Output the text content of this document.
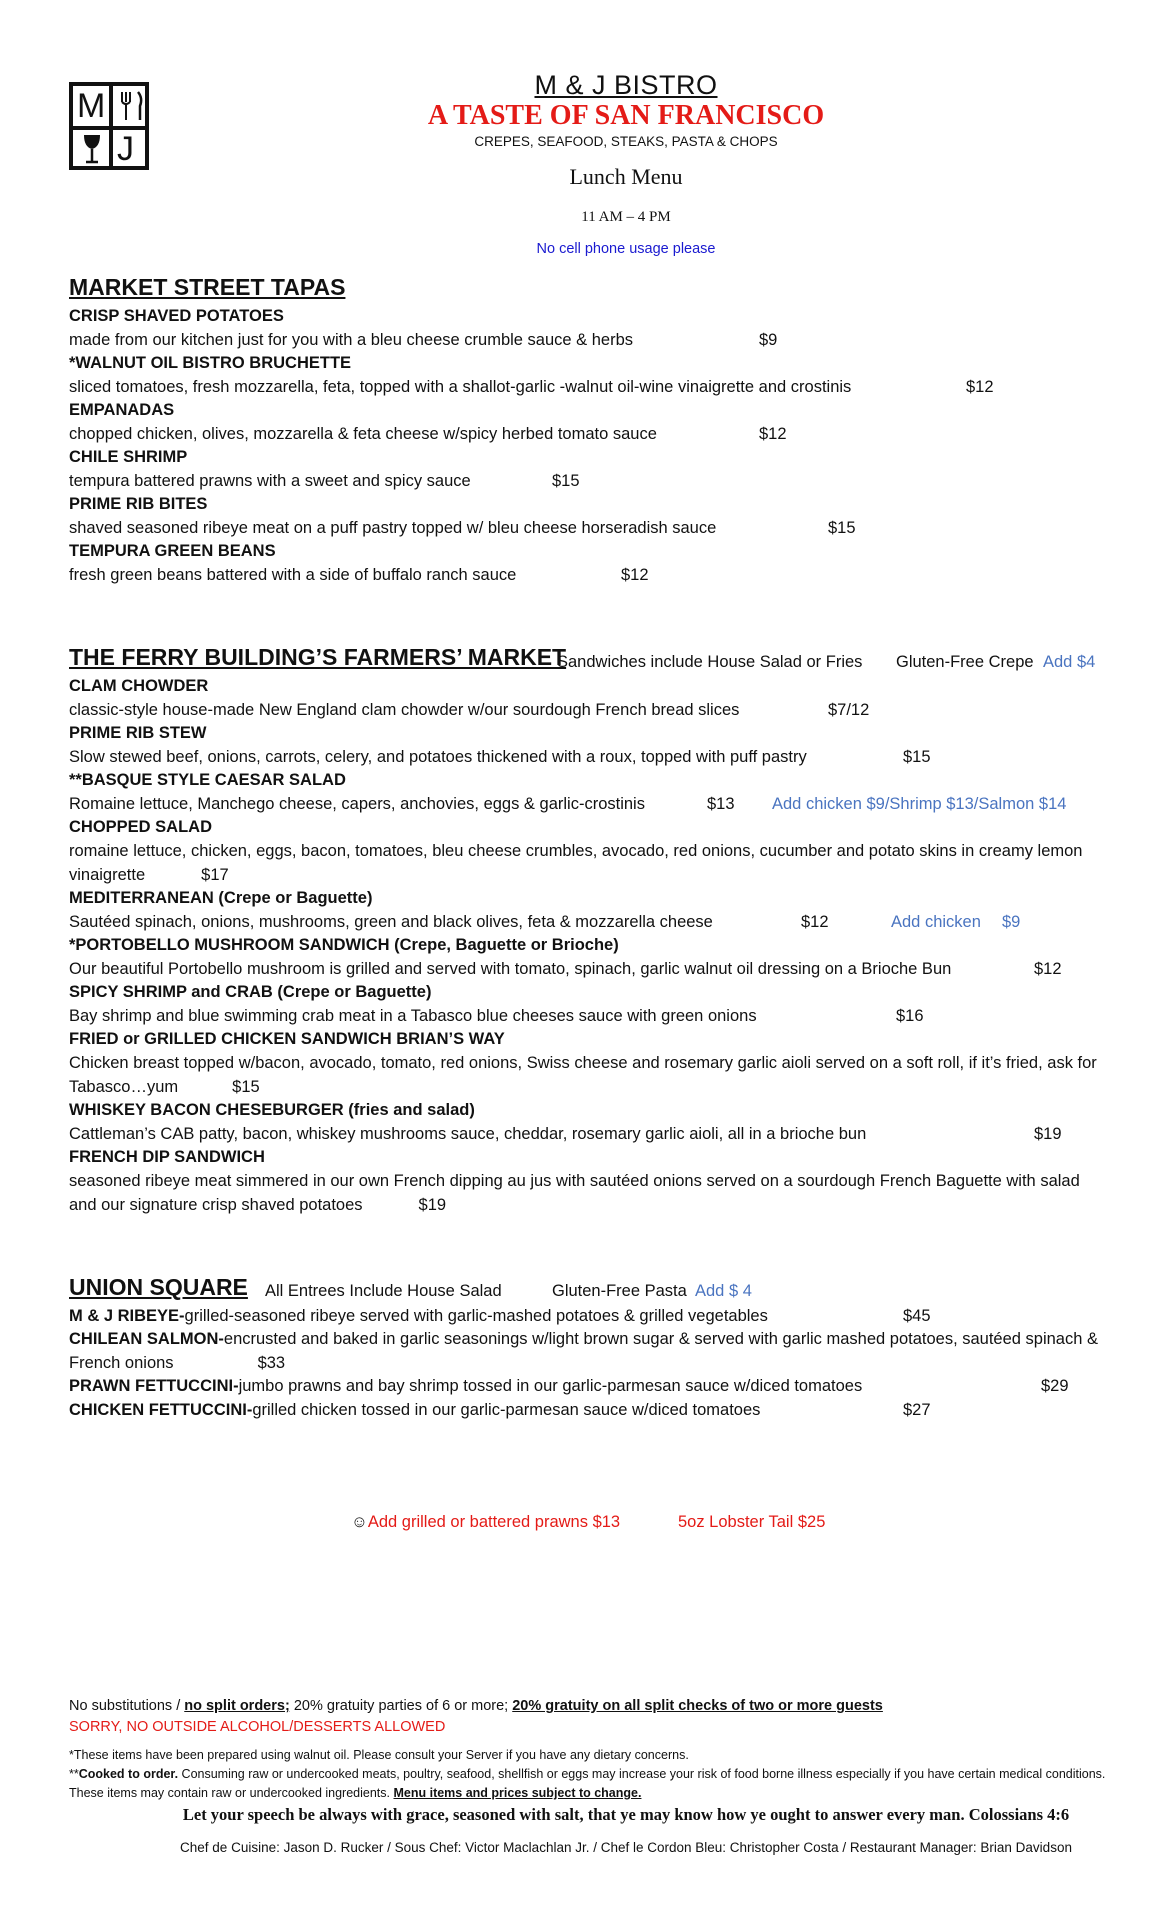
M
J
M & J BISTRO
A TASTE OF SAN FRANCISCO
CREPES, SEAFOOD, STEAKS, PASTA & CHOPS
Lunch Menu
11 AM – 4 PM
No cell phone usage please
MARKET STREET TAPAS
CRISP SHAVED POTATOES
made from our kitchen just for you with a bleu cheese crumble sauce & herbs	$9
*WALNUT OIL BISTRO BRUCHETTE
sliced tomatoes, fresh mozzarella, feta, topped with a shallot-garlic -walnut oil-wine vinaigrette and crostinis	$12
EMPANADAS
chopped chicken, olives, mozzarella & feta cheese w/spicy herbed tomato sauce	$12
CHILE SHRIMP
tempura battered prawns with a sweet and spicy sauce	$15
PRIME RIB BITES
shaved seasoned ribeye meat on a puff pastry topped w/ bleu cheese horseradish sauce	$15
TEMPURA GREEN BEANS
fresh green beans battered with a side of buffalo ranch sauce	$12
THE FERRY BUILDING’S FARMERS’ MARKET
Sandwiches include House Salad or Fries Gluten-Free Crepe Add $4
CLAM CHOWDER
classic-style house-made New England clam chowder w/our sourdough French bread slices	$7/12
PRIME RIB STEW
Slow stewed beef, onions, carrots, celery, and potatoes thickened with a roux, topped with puff pastry	$15
**BASQUE STYLE CAESAR SALAD
Romaine lettuce, Manchego cheese, capers, anchovies, eggs & garlic-crostinis	$13 Add chicken $9/Shrimp $13/Salmon $14
CHOPPED SALAD
romaine lettuce, chicken, eggs, bacon, tomatoes, bleu cheese crumbles, avocado, red onions, cucumber and potato skins in creamy lemon vinaigrette	$17
MEDITERRANEAN (Crepe or Baguette)
Sautéed spinach, onions, mushrooms, green and black olives, feta & mozzarella cheese	$12	Add chicken $9
*PORTOBELLO MUSHROOM SANDWICH (Crepe, Baguette or Brioche)
Our beautiful Portobello mushroom is grilled and served with tomato, spinach, garlic walnut oil dressing on a Brioche Bun	$12
SPICY SHRIMP and CRAB (Crepe or Baguette)
Bay shrimp and blue swimming crab meat in a Tabasco blue cheeses sauce with green onions	$16
FRIED or GRILLED CHICKEN SANDWICH BRIAN’S WAY
Chicken breast topped w/bacon, avocado, tomato, red onions, Swiss cheese and rosemary garlic aioli served on a soft roll, if it’s fried, ask for Tabasco…yum	$15
WHISKEY BACON CHESEBURGER (fries and salad)
Cattleman’s CAB patty, bacon, whiskey mushrooms sauce, cheddar, rosemary garlic aioli, all in a brioche bun	$19
FRENCH DIP SANDWICH
seasoned ribeye meat simmered in our own French dipping au jus with sautéed onions served on a sourdough French Baguette with salad and our signature crisp shaved potatoes	$19
UNION SQUARE All Entrees Include House Salad	Gluten-Free Pasta Add $ 4
M & J RIBEYE-grilled-seasoned ribeye served with garlic-mashed potatoes & grilled vegetables	$45
CHILEAN SALMON-encrusted and baked in garlic seasonings w/light brown sugar & served with garlic mashed potatoes, sautéed spinach & French onions	$33
PRAWN FETTUCCINI-jumbo prawns and bay shrimp tossed in our garlic-parmesan sauce w/diced tomatoes	$29
CHICKEN FETTUCCINI-grilled chicken tossed in our garlic-parmesan sauce w/diced tomatoes	$27
☺Add grilled or battered prawns $13	5oz Lobster Tail $25
No substitutions / no split orders; 20% gratuity parties of 6 or more; 20% gratuity on all split checks of two or more guests
SORRY, NO OUTSIDE ALCOHOL/DESSERTS ALLOWED
*These items have been prepared using walnut oil. Please consult your Server if you have any dietary concerns.
**Cooked to order. Consuming raw or undercooked meats, poultry, seafood, shellfish or eggs may increase your risk of food borne illness especially if you have certain medical conditions. These items may contain raw or undercooked ingredients. Menu items and prices subject to change.
Let your speech be always with grace, seasoned with salt, that ye may know how ye ought to answer every man. Colossians 4:6
Chef de Cuisine: Jason D. Rucker / Sous Chef: Victor Maclachlan Jr. / Chef le Cordon Bleu: Christopher Costa / Restaurant Manager: Brian Davidson
